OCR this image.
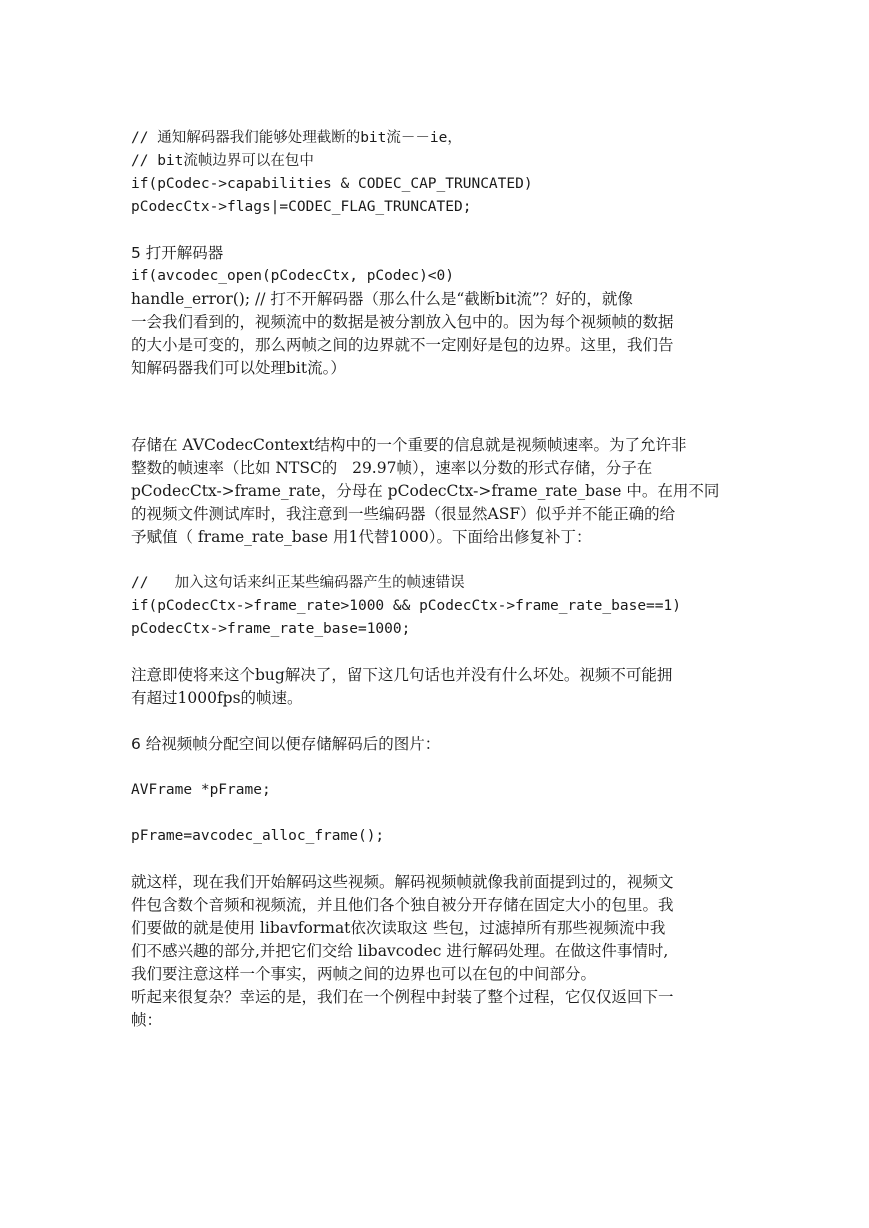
// 通知解码器我们能够处理截断的bit流－－ie，
// bit流帧边界可以在包中
if(pCodec->capabilities & CODEC_CAP_TRUNCATED)
pCodecCtx->flags|=CODEC_FLAG_TRUNCATED;
5 打开解码器
if(avcodec_open(pCodecCtx, pCodec)<0)
handle_error(); // 打不开解码器（那么什么是“截断bit流”？好的，就像
一会我们看到的，视频流中的数据是被分割放入包中的。因为每个视频帧的数据
的大小是可变的，那么两帧之间的边界就不一定刚好是包的边界。这里，我们告
知解码器我们可以处理bit流。）
存储在 AVCodecContext结构中的一个重要的信息就是视频帧速率。为了允许非
整数的帧速率（比如 NTSC的   29.97帧），速率以分数的形式存储，分子在
pCodecCtx->frame_rate，分母在 pCodecCtx->frame_rate_base 中。在用不同
的视频文件测试库时，我注意到一些编码器（很显然ASF）似乎并不能正确的给
予赋值（ frame_rate_base 用1代替1000）。下面给出修复补丁：
//   加入这句话来纠正某些编码器产生的帧速错误
if(pCodecCtx->frame_rate>1000 && pCodecCtx->frame_rate_base==1)
pCodecCtx->frame_rate_base=1000;
注意即使将来这个bug解决了，留下这几句话也并没有什么坏处。视频不可能拥
有超过1000fps的帧速。
6 给视频帧分配空间以便存储解码后的图片：
AVFrame *pFrame;
pFrame=avcodec_alloc_frame();
就这样，现在我们开始解码这些视频。解码视频帧就像我前面提到过的，视频文
件包含数个音频和视频流，并且他们各个独自被分开存储在固定大小的包里。我
们要做的就是使用 libavformat依次读取这 些包，过滤掉所有那些视频流中我
们不感兴趣的部分,并把它们交给 libavcodec 进行解码处理。在做这件事情时,
我们要注意这样一个事实，两帧之间的边界也可以在包的中间部分。
听起来很复杂？幸运的是，我们在一个例程中封装了整个过程，它仅仅返回下一
帧：
